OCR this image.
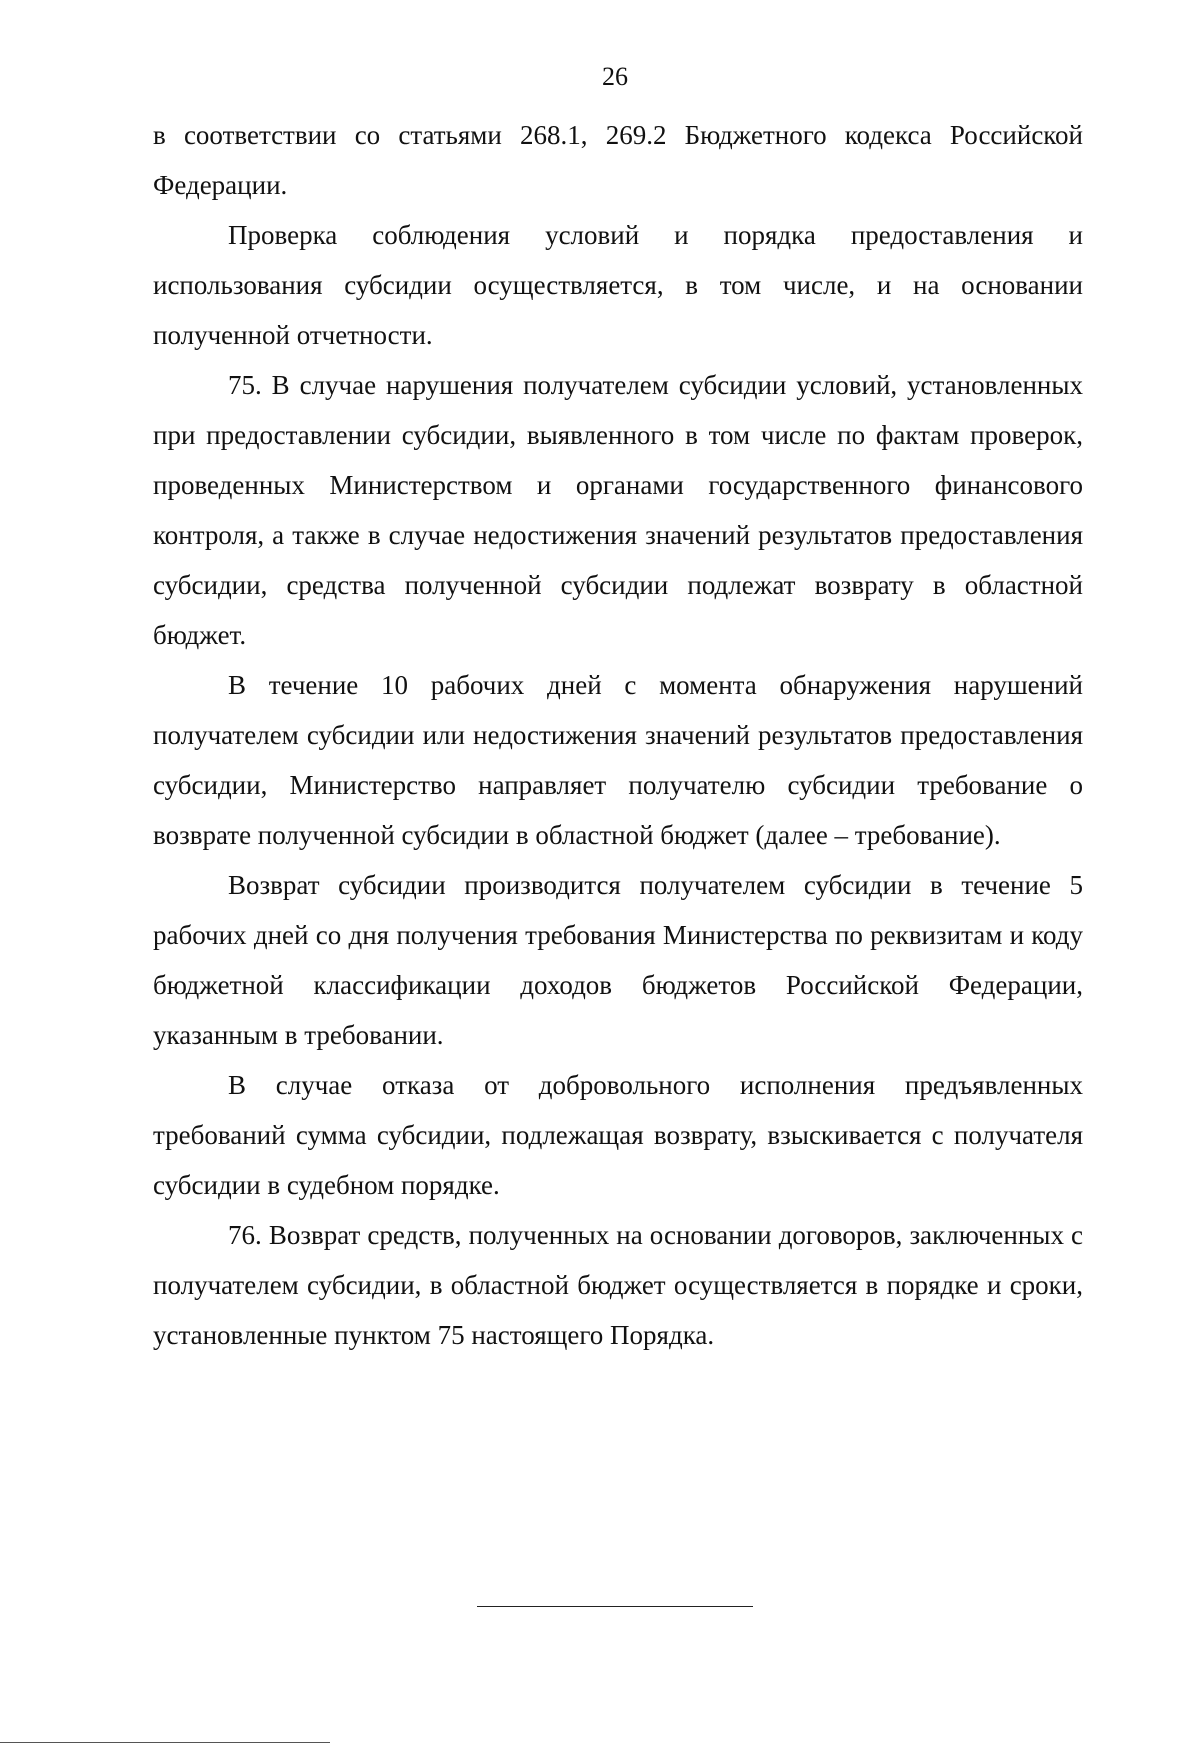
26

в соответствии со статьями 268.1, 269.2 Бюджетного кодекса Российской Федерации.

Проверка соблюдения условий и порядка предоставления и использования субсидии осуществляется, в том числе, и на основании полученной отчетности.

75. В случае нарушения получателем субсидии условий, установленных при предоставлении субсидии, выявленного в том числе по фактам проверок, проведенных Министерством и органами государственного финансового контроля, а также в случае недостижения значений результатов предоставления субсидии, средства полученной субсидии подлежат возврату в областной бюджет.

В течение 10 рабочих дней с момента обнаружения нарушений получателем субсидии или недостижения значений результатов предоставления субсидии, Министерство направляет получателю субсидии требование о возврате полученной субсидии в областной бюджет (далее – требование).

Возврат субсидии производится получателем субсидии в течение 5 рабочих дней со дня получения требования Министерства по реквизитам и коду бюджетной классификации доходов бюджетов Российской Федерации, указанным в требовании.

В случае отказа от добровольного исполнения предъявленных требований сумма субсидии, подлежащая возврату, взыскивается с получателя субсидии в судебном порядке.

76. Возврат средств, полученных на основании договоров, заключенных с получателем субсидии, в областной бюджет осуществляется в порядке и сроки, установленные пунктом 75 настоящего Порядка.
